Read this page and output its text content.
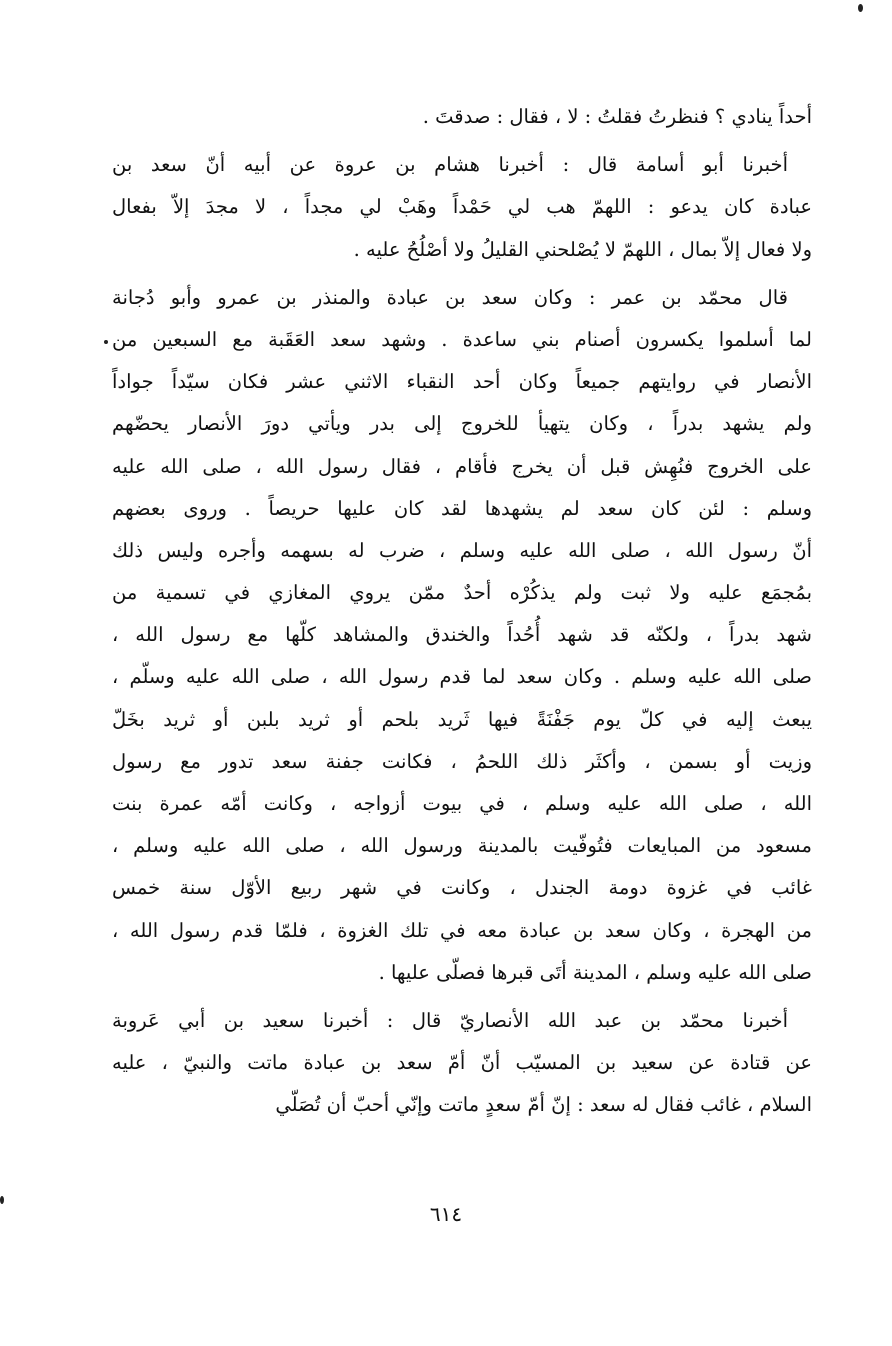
أحداً ينادي ؟ فنظرتُ فقلتُ : لا ، فقال : صدقتَ .
أخبرنا أبو أسامة قال : أخبرنا هشام بن عروة عن أبيه أنّ سعد بن
عبادة كان يدعو : اللهمّ هب لي حَمْداً وهَبْ لي مجداً ، لا مجدَ إلاّ بفعال
ولا فعال إلاّ بمال ، اللهمّ لا يُصْلحني القليلُ ولا أصْلُحُ عليه .
قال محمّد بن عمر : وكان سعد بن عبادة والمنذر بن عمرو وأبو دُجانة
لما أسلموا يكسرون أصنام بني ساعدة . وشهد سعد العَقَبة مع السبعين من
الأنصار في روايتهم جميعاً وكان أحد النقباء الاثني عشر فكان سيّداً جواداً
ولم يشهد بدراً ، وكان يتهيأ للخروج إلى بدر ويأتي دورَ الأنصار يحضّهم
على الخروج فنُهِش قبل أن يخرج فأقام ، فقال رسول الله ، صلى الله عليه
وسلم : لئن كان سعد لم يشهدها لقد كان عليها حريصاً . وروى بعضهم
أنّ رسول الله ، صلى الله عليه وسلم ، ضرب له بسهمه وأجره وليس ذلك
بمُجمَع عليه ولا ثبت ولم يذكُرْه أحدٌ ممّن يروي المغازي في تسمية من
شهد بدراً ، ولكنّه قد شهد أُحُداً والخندق والمشاهد كلّها مع رسول الله ،
صلى الله عليه وسلم . وكان سعد لما قدم رسول الله ، صلى الله عليه وسلّم ،
يبعث إليه في كلّ يوم جَفْنَةً فيها ثَريد بلحم أو ثريد بلبن أو ثريد بخَلّ
وزيت أو بسمن ، وأكثَر ذلك اللحمُ ، فكانت جفنة سعد تدور مع رسول
الله ، صلى الله عليه وسلم ، في بيوت أزواجه ، وكانت أمّه عمرة بنت
مسعود من المبايعات فتُوفّيت بالمدينة ورسول الله ، صلى الله عليه وسلم ،
غائب في غزوة دومة الجندل ، وكانت في شهر ربيع الأوّل سنة خمس
من الهجرة ، وكان سعد بن عبادة معه في تلك الغزوة ، فلمّا قدم رسول الله ،
صلى الله عليه وسلم ، المدينة أتَى قبرها فصلّى عليها .
أخبرنا محمّد بن عبد الله الأنصاريّ قال : أخبرنا سعيد بن أبي عَروبة
عن قتادة عن سعيد بن المسيّب أنّ أمّ سعد بن عبادة ماتت والنبيّ ، عليه
السلام ، غائب فقال له سعد : إنّ أمّ سعدٍ ماتت وإنّي أحبّ أن تُصَلّي
٦١٤
